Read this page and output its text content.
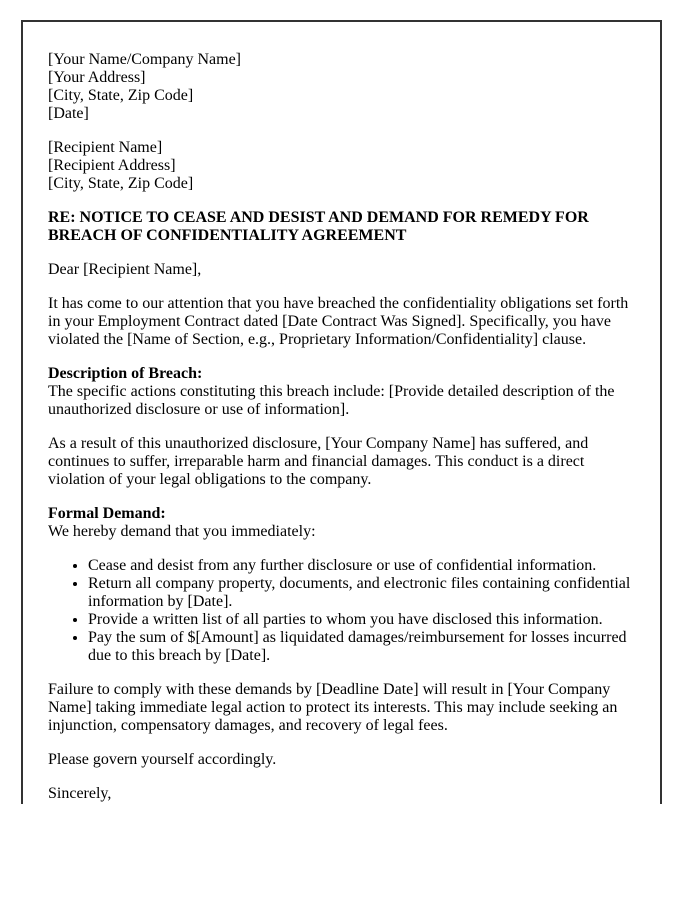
[Your Name/Company Name]
[Your Address]
[City, State, Zip Code]
[Date]

[Recipient Name]
[Recipient Address]
[City, State, Zip Code]

RE: NOTICE TO CEASE AND DESIST AND DEMAND FOR REMEDY FOR
BREACH OF CONFIDENTIALITY AGREEMENT

Dear [Recipient Name],

It has come to our attention that you have breached the confidentiality obligations set forth in your Employment Contract dated [Date Contract Was Signed]. Specifically, you have violated the [Name of Section, e.g., Proprietary Information/Confidentiality] clause.

Description of Breach:
The specific actions constituting this breach include: [Provide detailed description of the unauthorized disclosure or use of information].

As a result of this unauthorized disclosure, [Your Company Name] has suffered, and continues to suffer, irreparable harm and financial damages. This conduct is a direct violation of your legal obligations to the company.

Formal Demand:
We hereby demand that you immediately:

• Cease and desist from any further disclosure or use of confidential information.
• Return all company property, documents, and electronic files containing confidential information by [Date].
• Provide a written list of all parties to whom you have disclosed this information.
• Pay the sum of $[Amount] as liquidated damages/reimbursement for losses incurred due to this breach by [Date].

Failure to comply with these demands by [Deadline Date] will result in [Your Company Name] taking immediate legal action to protect its interests. This may include seeking an injunction, compensatory damages, and recovery of legal fees.

Please govern yourself accordingly.

Sincerely,
